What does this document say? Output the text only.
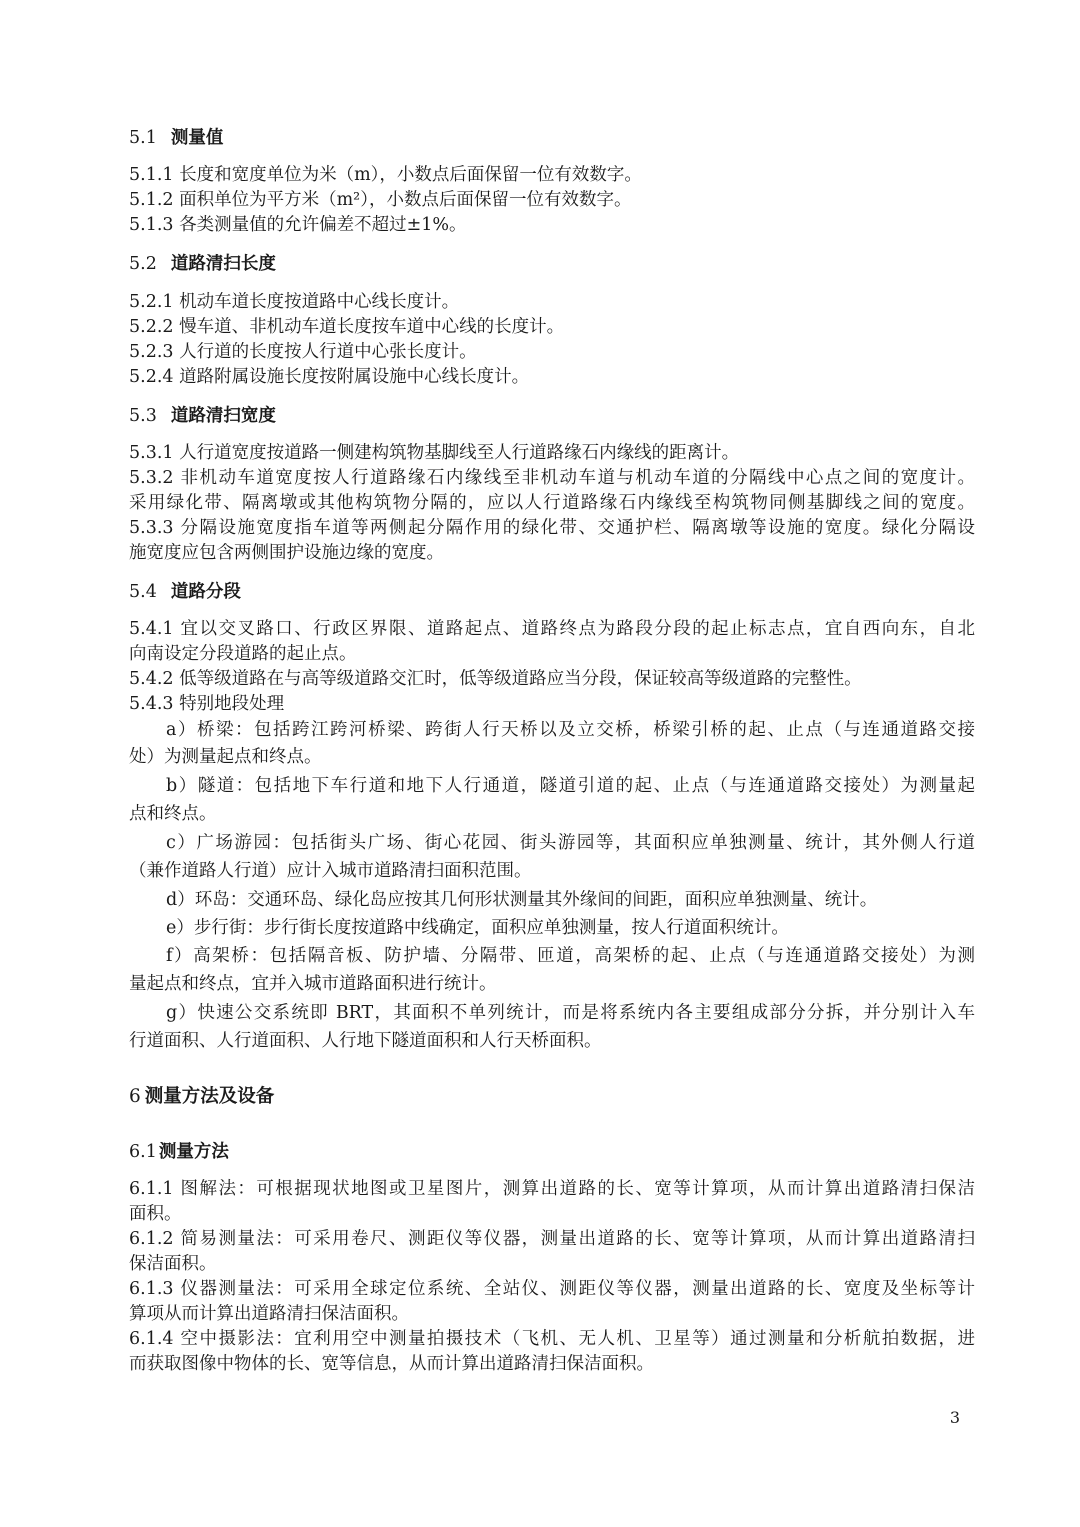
5.1 测量值
5.1.1 长度和宽度单位为米（m），小数点后面保留一位有效数字。
5.1.2 面积单位为平方米（m²），小数点后面保留一位有效数字。
5.1.3 各类测量值的允许偏差不超过±1%。
5.2 道路清扫长度
5.2.1 机动车道长度按道路中心线长度计。
5.2.2 慢车道、非机动车道长度按车道中心线的长度计。
5.2.3 人行道的长度按人行道中心张长度计。
5.2.4 道路附属设施长度按附属设施中心线长度计。
5.3 道路清扫宽度
5.3.1 人行道宽度按道路一侧建构筑物基脚线至人行道路缘石内缘线的距离计。
5.3.2 非机动车道宽度按人行道路缘石内缘线至非机动车道与机动车道的分隔线中心点之间的宽度计。
采用绿化带、隔离墩或其他构筑物分隔的，应以人行道路缘石内缘线至构筑物同侧基脚线之间的宽度。
5.3.3 分隔设施宽度指车道等两侧起分隔作用的绿化带、交通护栏、隔离墩等设施的宽度。绿化分隔设
施宽度应包含两侧围护设施边缘的宽度。
5.4 道路分段
5.4.1 宜以交叉路口、行政区界限、道路起点、道路终点为路段分段的起止标志点，宜自西向东，自北
向南设定分段道路的起止点。
5.4.2 低等级道路在与高等级道路交汇时，低等级道路应当分段，保证较高等级道路的完整性。
5.4.3 特别地段处理
a）桥梁：包括跨江跨河桥梁、跨街人行天桥以及立交桥，桥梁引桥的起、止点（与连通道路交接
处）为测量起点和终点。
b）隧道：包括地下车行道和地下人行通道，隧道引道的起、止点（与连通道路交接处）为测量起
点和终点。
c）广场游园：包括街头广场、街心花园、街头游园等，其面积应单独测量、统计，其外侧人行道
（兼作道路人行道）应计入城市道路清扫面积范围。
d）环岛：交通环岛、绿化岛应按其几何形状测量其外缘间的间距，面积应单独测量、统计。
e）步行街：步行街长度按道路中线确定，面积应单独测量，按人行道面积统计。
f）高架桥：包括隔音板、防护墙、分隔带、匝道，高架桥的起、止点（与连通道路交接处）为测
量起点和终点，宜并入城市道路面积进行统计。
g）快速公交系统即 BRT，其面积不单列统计，而是将系统内各主要组成部分分拆，并分别计入车
行道面积、人行道面积、人行地下隧道面积和人行天桥面积。
6 测量方法及设备
6.1 测量方法
6.1.1 图解法：可根据现状地图或卫星图片，测算出道路的长、宽等计算项，从而计算出道路清扫保洁
面积。
6.1.2 简易测量法：可采用卷尺、测距仪等仪器，测量出道路的长、宽等计算项，从而计算出道路清扫
保洁面积。
6.1.3 仪器测量法：可采用全球定位系统、全站仪、测距仪等仪器，测量出道路的长、宽度及坐标等计
算项从而计算出道路清扫保洁面积。
6.1.4 空中摄影法：宜利用空中测量拍摄技术（飞机、无人机、卫星等）通过测量和分析航拍数据，进
而获取图像中物体的长、宽等信息，从而计算出道路清扫保洁面积。
3
